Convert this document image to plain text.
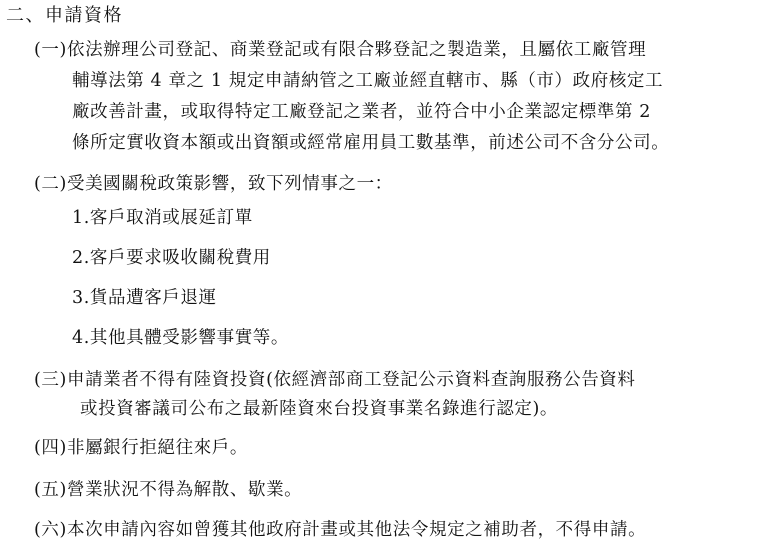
二、申請資格
(一)依法辦理公司登記、商業登記或有限合夥登記之製造業，且屬依工廠管理
輔導法第 4 章之 1 規定申請納管之工廠並經直轄市、縣（市）政府核定工
廠改善計畫，或取得特定工廠登記之業者，並符合中小企業認定標準第 2
條所定實收資本額或出資額或經常雇用員工數基準，前述公司不含分公司。
(二)受美國關稅政策影響，致下列情事之一：
1.客戶取消或展延訂單
2.客戶要求吸收關稅費用
3.貨品遭客戶退運
4.其他具體受影響事實等。
(三)申請業者不得有陸資投資(依經濟部商工登記公示資料查詢服務公告資料
或投資審議司公布之最新陸資來台投資事業名錄進行認定)。
(四)非屬銀行拒絕往來戶。
(五)營業狀況不得為解散、歇業。
(六)本次申請內容如曾獲其他政府計畫或其他法令規定之補助者，不得申請。
